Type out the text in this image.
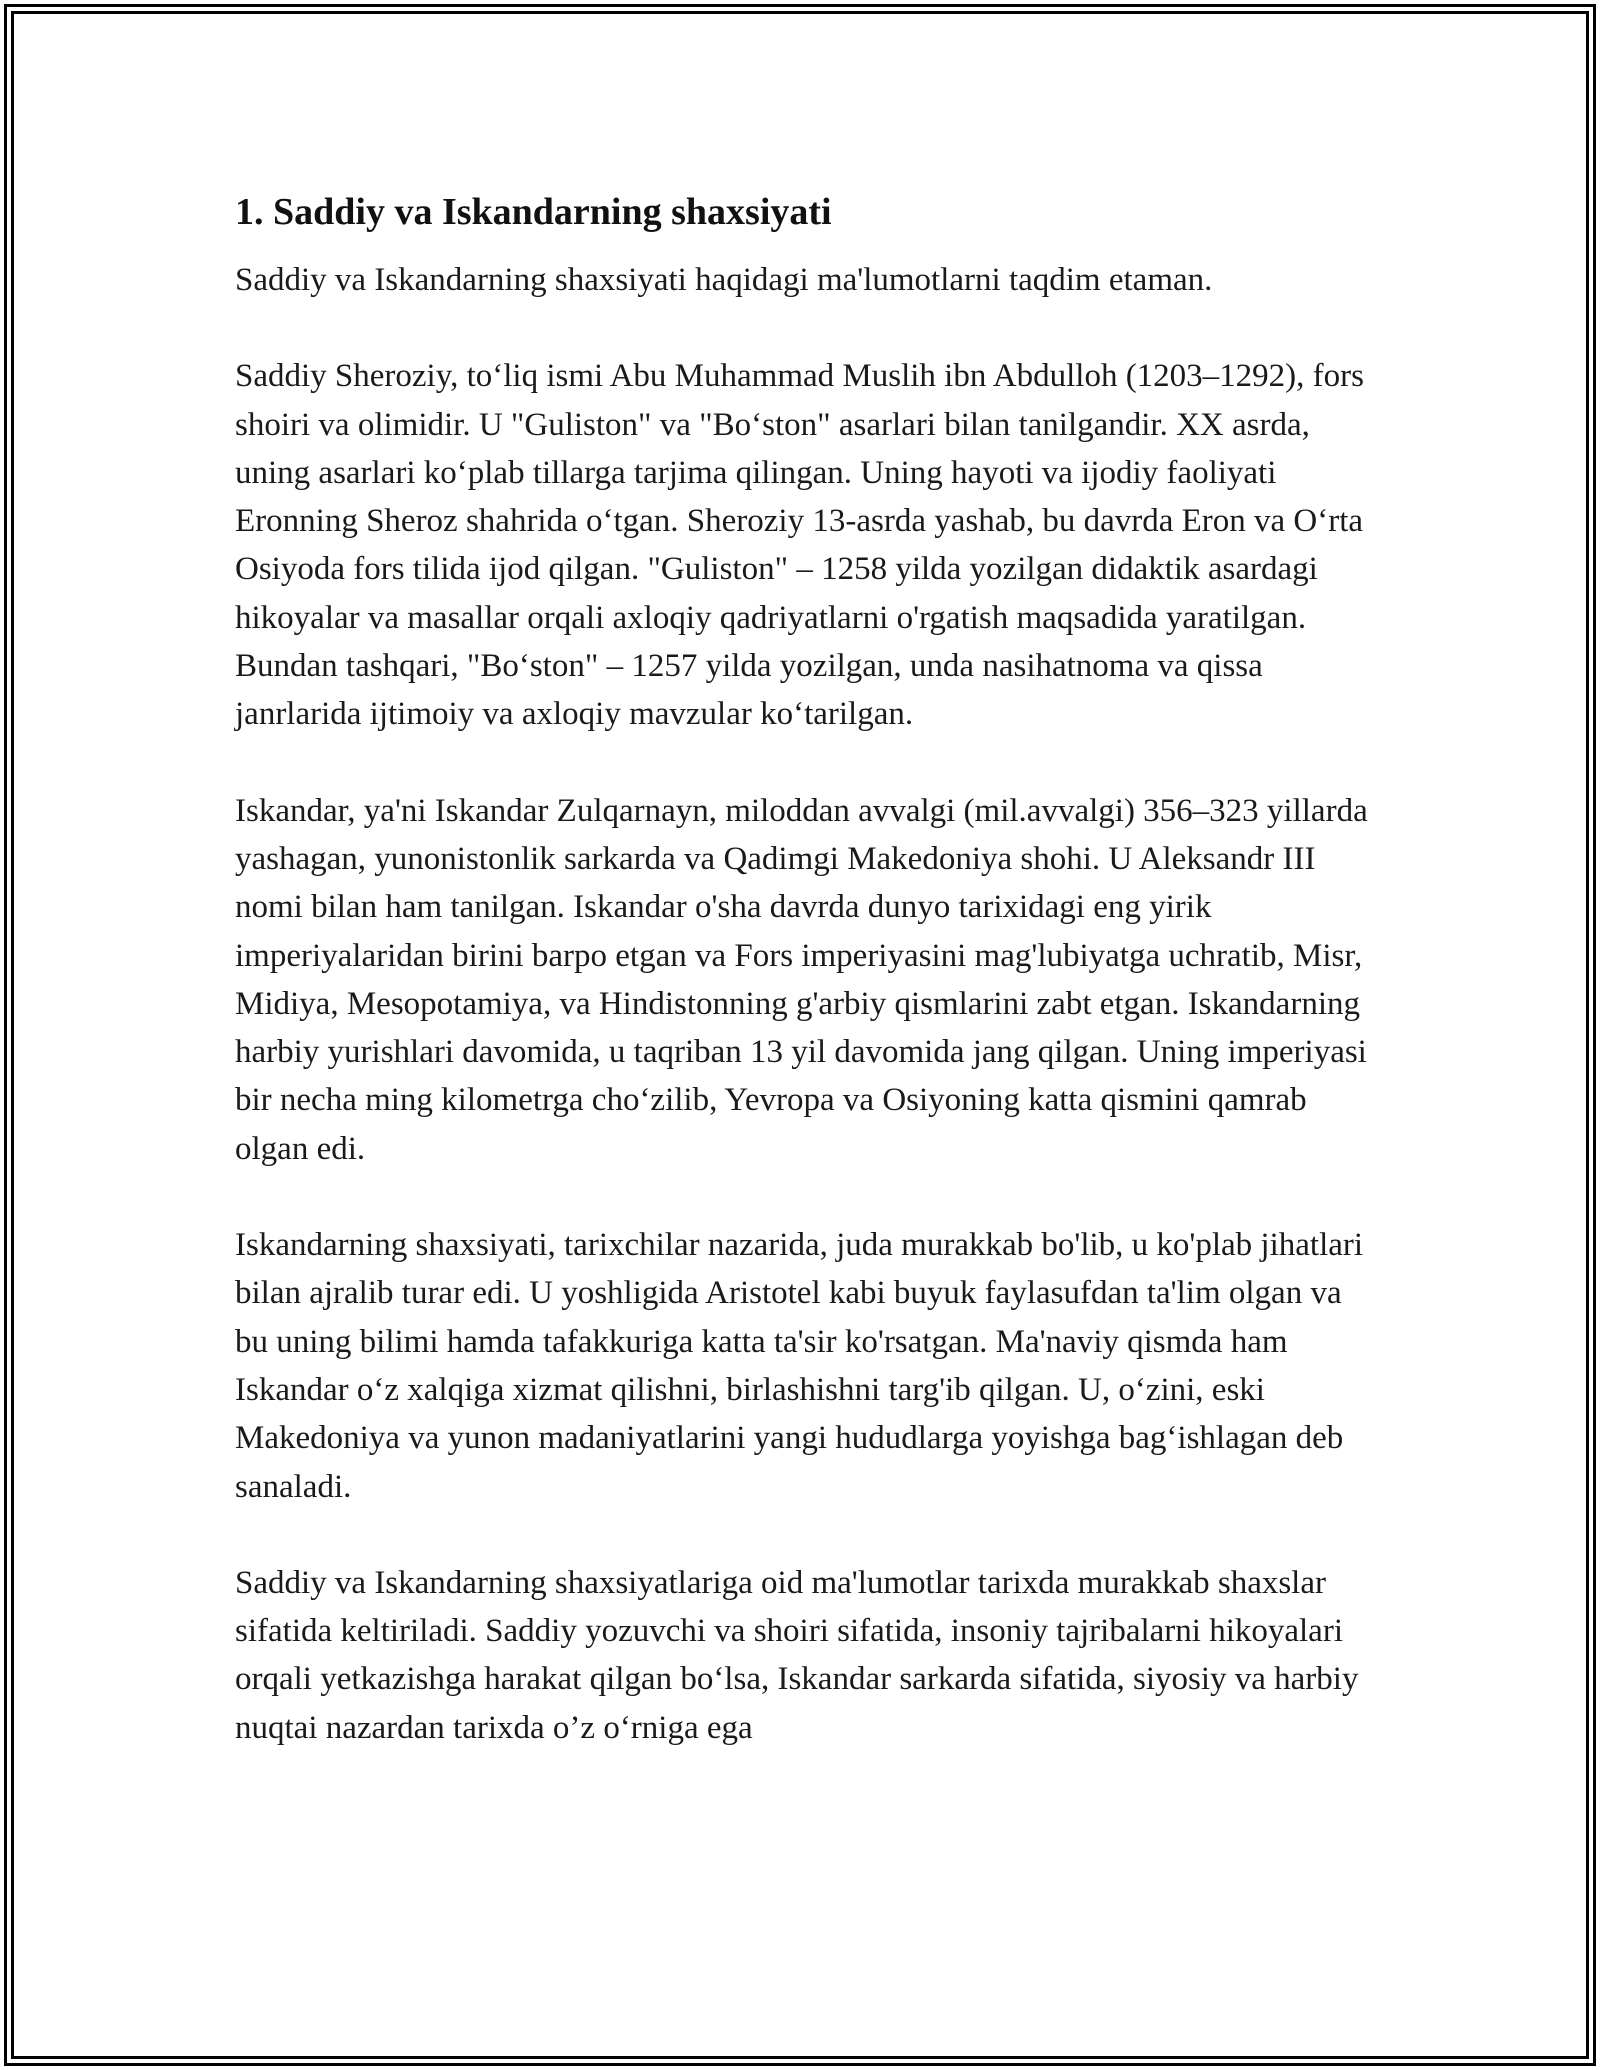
1. Saddiy va Iskandarning shaxsiyati

Saddiy va Iskandarning shaxsiyati haqidagi ma'lumotlarni taqdim etaman.

Saddiy Sheroziy, to‘liq ismi Abu Muhammad Muslih ibn Abdulloh (1203–1292), fors shoiri va olimidir. U "Guliston" va "Bo‘ston" asarlari bilan tanilgandir. XX asrda, uning asarlari ko‘plab tillarga tarjima qilingan. Uning hayoti va ijodiy faoliyati Eronning Sheroz shahrida o‘tgan. Sheroziy 13-asrda yashab, bu davrda Eron va O‘rta Osiyoda fors tilida ijod qilgan. "Guliston" – 1258 yilda yozilgan didaktik asardagi hikoyalar va masallar orqali axloqiy qadriyatlarni o'rgatish maqsadida yaratilgan. Bundan tashqari, "Bo‘ston" – 1257 yilda yozilgan, unda nasihatnoma va qissa janrlarida ijtimoiy va axloqiy mavzular ko‘tarilgan.

Iskandar, ya'ni Iskandar Zulqarnayn, miloddan avvalgi (mil.avvalgi) 356–323 yillarda yashagan, yunonistonlik sarkarda va Qadimgi Makedoniya shohi. U Aleksandr III nomi bilan ham tanilgan. Iskandar o'sha davrda dunyo tarixidagi eng yirik imperiyalaridan birini barpo etgan va Fors imperiyasini mag'lubiyatga uchratib, Misr, Midiya, Mesopotamiya, va Hindistonning g'arbiy qismlarini zabt etgan. Iskandarning harbiy yurishlari davomida, u taqriban 13 yil davomida jang qilgan. Uning imperiyasi bir necha ming kilometrga cho‘zilib, Yevropa va Osiyoning katta qismini qamrab olgan edi.

Iskandarning shaxsiyati, tarixchilar nazarida, juda murakkab bo'lib, u ko'plab jihatlari bilan ajralib turar edi. U yoshligida Aristotel kabi buyuk faylasufdan ta'lim olgan va bu uning bilimi hamda tafakkuriga katta ta'sir ko'rsatgan. Ma'naviy qismda ham Iskandar o‘z xalqiga xizmat qilishni, birlashishni targ'ib qilgan. U, o‘zini, eski Makedoniya va yunon madaniyatlarini yangi hududlarga yoyishga bag‘ishlagan deb sanaladi.

Saddiy va Iskandarning shaxsiyatlariga oid ma'lumotlar tarixda murakkab shaxslar sifatida keltiriladi. Saddiy yozuvchi va shoiri sifatida, insoniy tajribalarni hikoyalari orqali yetkazishga harakat qilgan bo‘lsa, Iskandar sarkarda sifatida, siyosiy va harbiy nuqtai nazardan tarixda o’z o‘rniga ega
